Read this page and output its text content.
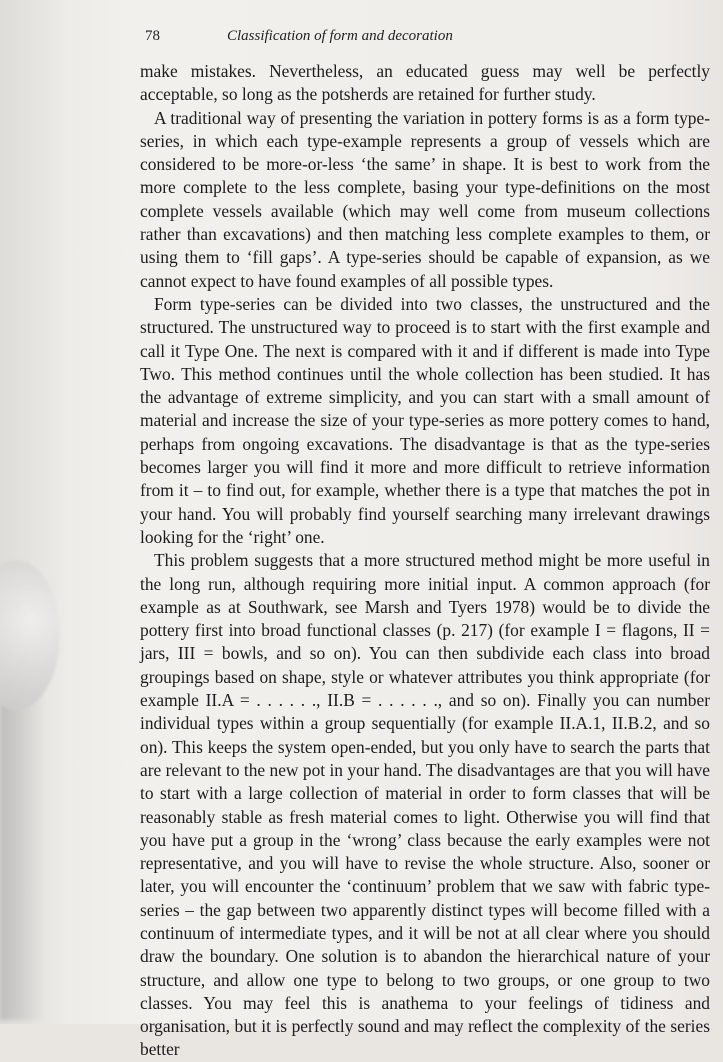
78	Classification of form and decoration

make mistakes. Nevertheless, an educated guess may well be perfectly acceptable, so long as the potsherds are retained for further study.

A traditional way of presenting the variation in pottery forms is as a form type-series, in which each type-example represents a group of vessels which are considered to be more-or-less ‘the same’ in shape. It is best to work from the more complete to the less complete, basing your type-definitions on the most complete vessels available (which may well come from museum collections rather than excavations) and then matching less complete examples to them, or using them to ‘fill gaps’. A type-series should be capable of expansion, as we cannot expect to have found examples of all possible types.

Form type-series can be divided into two classes, the unstructured and the structured. The unstructured way to proceed is to start with the first example and call it Type One. The next is compared with it and if different is made into Type Two. This method continues until the whole collection has been studied. It has the advantage of extreme simplicity, and you can start with a small amount of material and increase the size of your type-series as more pottery comes to hand, perhaps from ongoing excavations. The disadvantage is that as the type-series becomes larger you will find it more and more difficult to retrieve information from it – to find out, for example, whether there is a type that matches the pot in your hand. You will probably find yourself searching many irrelevant drawings looking for the ‘right’ one.

This problem suggests that a more structured method might be more useful in the long run, although requiring more initial input. A common approach (for example as at Southwark, see Marsh and Tyers 1978) would be to divide the pottery first into broad functional classes (p. 217) (for example I = flagons, II = jars, III = bowls, and so on). You can then subdivide each class into broad groupings based on shape, style or whatever attributes you think appropriate (for example II.A = . . . . . ., II.B = . . . . . ., and so on). Finally you can number individual types within a group sequentially (for example II.A.1, II.B.2, and so on). This keeps the system open-ended, but you only have to search the parts that are relevant to the new pot in your hand. The disadvantages are that you will have to start with a large collection of material in order to form classes that will be reasonably stable as fresh material comes to light. Otherwise you will find that you have put a group in the ‘wrong’ class because the early examples were not representative, and you will have to revise the whole structure. Also, sooner or later, you will encounter the ‘continuum’ problem that we saw with fabric type-series – the gap between two apparently distinct types will become filled with a continuum of intermediate types, and it will be not at all clear where you should draw the boundary. One solution is to abandon the hierarchical nature of your structure, and allow one type to belong to two groups, or one group to two classes. You may feel this is anathema to your feelings of tidiness and organisation, but it is perfectly sound and may reflect the complexity of the series better
